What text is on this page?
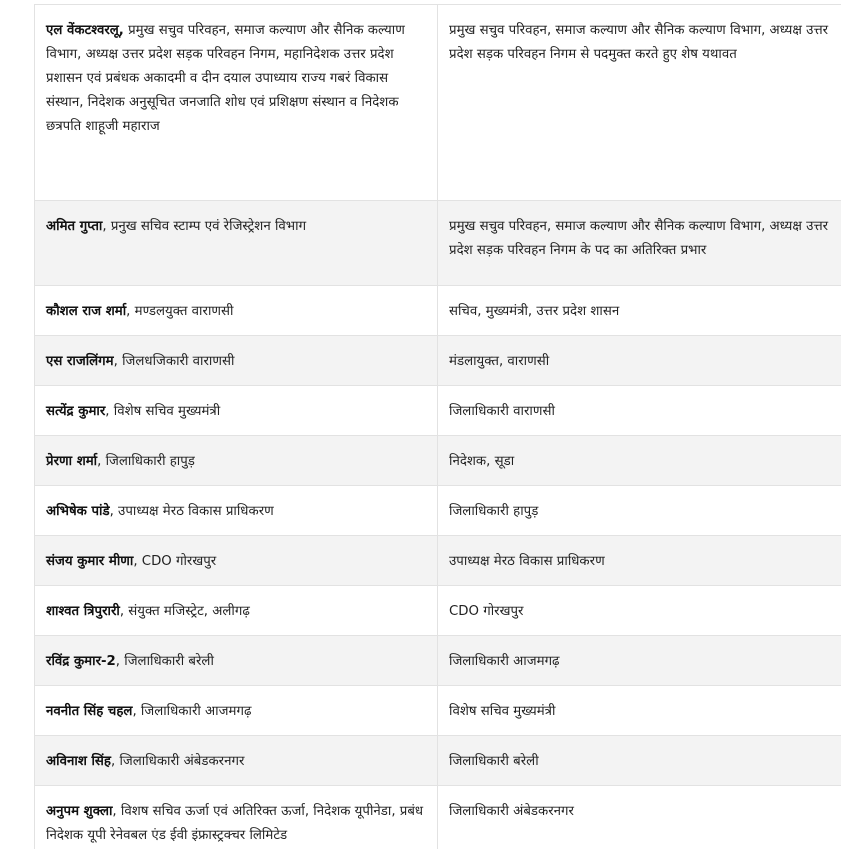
एल वेंकटश्वरलू, प्रमुख सचुव परिवहन, समाज कल्याण और सैनिक कल्याण विभाग, अध्यक्ष उत्तर प्रदेश सड़क परिवहन निगम, महानिदेशक उत्तर प्रदेश प्रशासन एवं प्रबंधक अकादमी व दीन दयाल उपाध्याय राज्य गबरं विकास संस्थान, निदेशक अनुसूचित जनजाति शोध एवं प्रशिक्षण संस्थान व निदेशक छत्रपति शाहूजी महाराज	प्रमुख सचुव परिवहन, समाज कल्याण और सैनिक कल्याण विभाग, अध्यक्ष उत्तर प्रदेश सड़क परिवहन निगम से पदमुक्त करते हुए शेष यथावत
अमित गुप्ता, प्रनुख सचिव स्टाम्प एवं रेजिस्ट्रेशन विभाग	प्रमुख सचुव परिवहन, समाज कल्याण और सैनिक कल्याण विभाग, अध्यक्ष उत्तर प्रदेश सड़क परिवहन निगम के पद का अतिरिक्त प्रभार
कौशल राज शर्मा, मण्डलयुक्त वाराणसी	सचिव, मुख्यमंत्री, उत्तर प्रदेश शासन
एस राजलिंगम, जिलधजिकारी वाराणसी	मंडलायुक्त, वाराणसी
सत्येंद्र कुमार, विशेष सचिव मुख्यमंत्री	जिलाधिकारी वाराणसी
प्रेरणा शर्मा, जिलाधिकारी हापुड़	निदेशक, सूडा
अभिषेक पांडे, उपाध्यक्ष मेरठ विकास प्राधिकरण	जिलाधिकारी हापुड़
संजय कुमार मीणा, CDO गोरखपुर	उपाध्यक्ष मेरठ विकास प्राधिकरण
शाश्वत त्रिपुरारी, संयुक्त मजिस्ट्रेट, अलीगढ़	CDO गोरखपुर
रविंद्र कुमार-2, जिलाधिकारी बरेली	जिलाधिकारी आजमगढ़
नवनीत सिंह चहल, जिलाधिकारी आजमगढ़	विशेष सचिव मुख्यमंत्री
अविनाश सिंह, जिलाधिकारी अंबेडकरनगर	जिलाधिकारी बरेली
अनुपम शुक्ला, विशष सचिव ऊर्जा एवं अतिरिक्त ऊर्जा, निदेशक यूपीनेडा, प्रबंध निदेशक यूपी रेनेवबल एंड ईवी इंफ्रास्ट्रक्चर लिमिटेड	जिलाधिकारी अंबेडकरनगर
